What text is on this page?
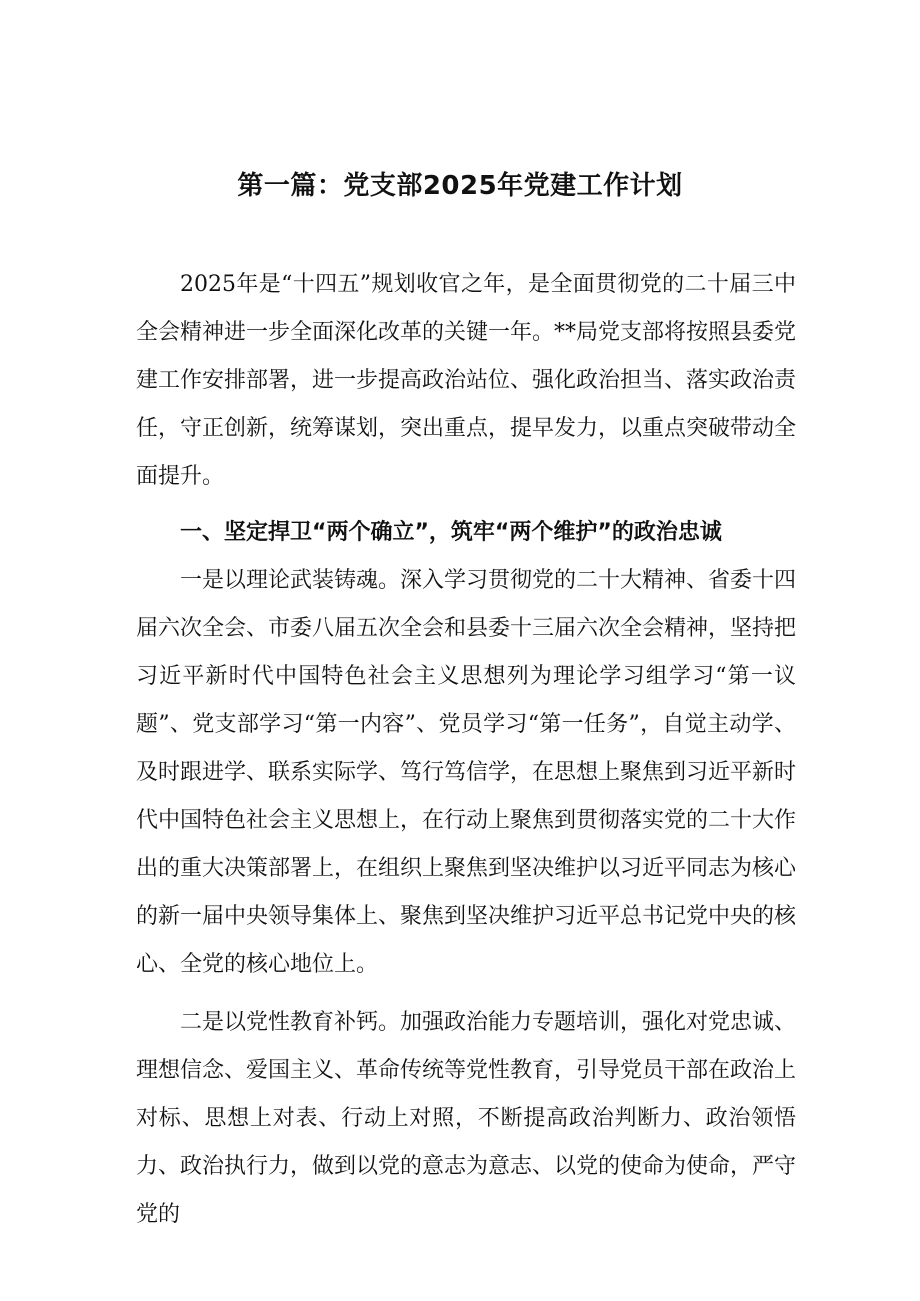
第一篇：党支部2025年党建工作计划

2025年是“十四五”规划收官之年，是全面贯彻党的二十届三中全会精神进一步全面深化改革的关键一年。**局党支部将按照县委党建工作安排部署，进一步提高政治站位、强化政治担当、落实政治责任，守正创新，统筹谋划，突出重点，提早发力，以重点突破带动全面提升。

一、坚定捍卫“两个确立”，筑牢“两个维护”的政治忠诚

一是以理论武装铸魂。深入学习贯彻党的二十大精神、省委十四届六次全会、市委八届五次全会和县委十三届六次全会精神，坚持把习近平新时代中国特色社会主义思想列为理论学习组学习“第一议题”、党支部学习“第一内容”、党员学习“第一任务”，自觉主动学、及时跟进学、联系实际学、笃行笃信学，在思想上聚焦到习近平新时代中国特色社会主义思想上，在行动上聚焦到贯彻落实党的二十大作出的重大决策部署上，在组织上聚焦到坚决维护以习近平同志为核心的新一届中央领导集体上、聚焦到坚决维护习近平总书记党中央的核心、全党的核心地位上。

二是以党性教育补钙。加强政治能力专题培训，强化对党忠诚、理想信念、爱国主义、革命传统等党性教育，引导党员干部在政治上对标、思想上对表、行动上对照，不断提高政治判断力、政治领悟力、政治执行力，做到以党的意志为意志、以党的使命为使命，严守党的
